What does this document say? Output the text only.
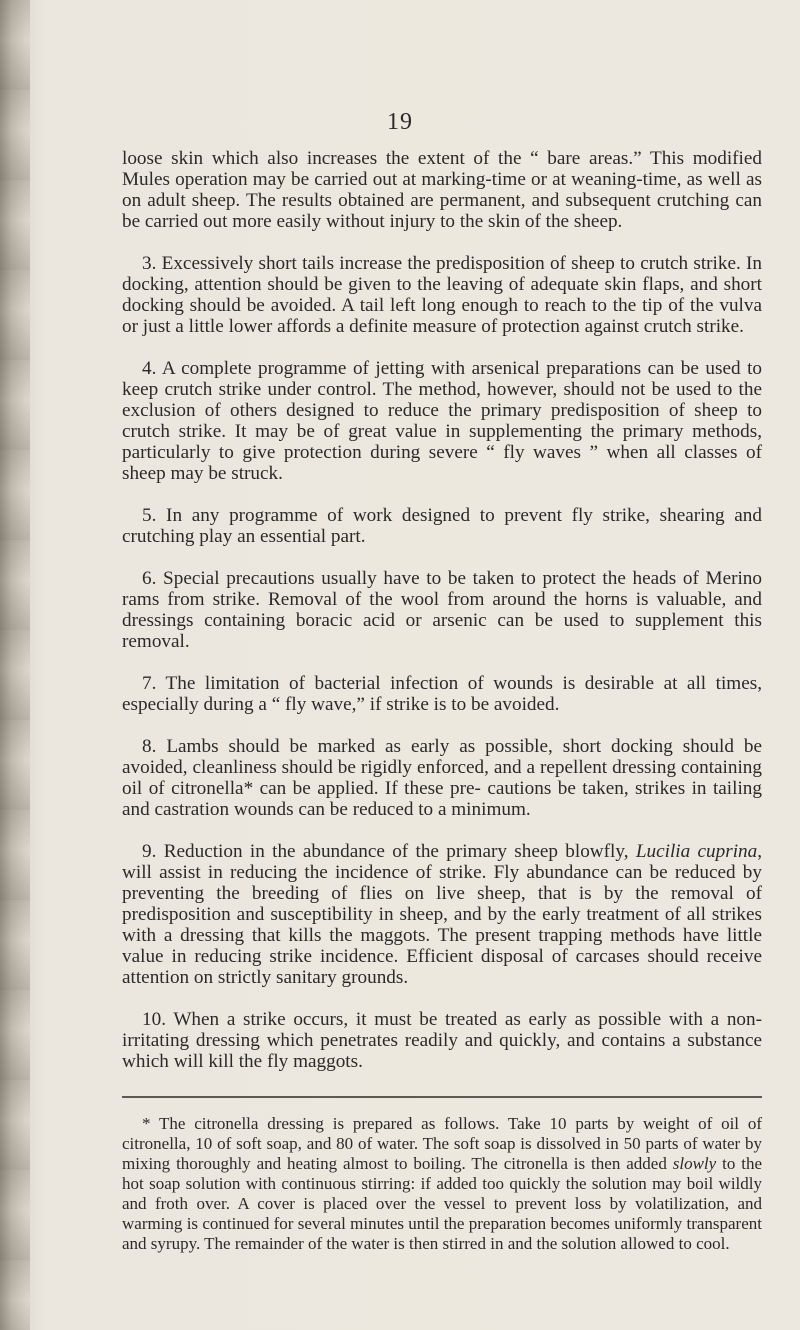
19

loose skin which also increases the extent of the “ bare areas.” This modified Mules operation may be carried out at marking-time or at weaning-time, as well as on adult sheep. The results obtained are permanent, and subsequent crutching can be carried out more easily without injury to the skin of the sheep.

3. Excessively short tails increase the predisposition of sheep to crutch strike. In docking, attention should be given to the leaving of adequate skin flaps, and short docking should be avoided. A tail left long enough to reach to the tip of the vulva or just a little lower affords a definite measure of protection against crutch strike.

4. A complete programme of jetting with arsenical preparations can be used to keep crutch strike under control. The method, however, should not be used to the exclusion of others designed to reduce the primary predisposition of sheep to crutch strike. It may be of great value in supplementing the primary methods, particularly to give protection during severe “ fly waves ” when all classes of sheep may be struck.

5. In any programme of work designed to prevent fly strike, shearing and crutching play an essential part.

6. Special precautions usually have to be taken to protect the heads of Merino rams from strike. Removal of the wool from around the horns is valuable, and dressings containing boracic acid or arsenic can be used to supplement this removal.

7. The limitation of bacterial infection of wounds is desirable at all times, especially during a “ fly wave,” if strike is to be avoided.

8. Lambs should be marked as early as possible, short docking should be avoided, cleanliness should be rigidly enforced, and a repellent dressing containing oil of citronella* can be applied. If these pre- cautions be taken, strikes in tailing and castration wounds can be reduced to a minimum.

9. Reduction in the abundance of the primary sheep blowfly, Lucilia cuprina, will assist in reducing the incidence of strike. Fly abundance can be reduced by preventing the breeding of flies on live sheep, that is by the removal of predisposition and susceptibility in sheep, and by the early treatment of all strikes with a dressing that kills the maggots. The present trapping methods have little value in reducing strike incidence. Efficient disposal of carcases should receive attention on strictly sanitary grounds.

10. When a strike occurs, it must be treated as early as possible with a non-irritating dressing which penetrates readily and quickly, and contains a substance which will kill the fly maggots.

* The citronella dressing is prepared as follows. Take 10 parts by weight of oil of citronella, 10 of soft soap, and 80 of water. The soft soap is dissolved in 50 parts of water by mixing thoroughly and heating almost to boiling. The citronella is then added slowly to the hot soap solution with continuous stirring: if added too quickly the solution may boil wildly and froth over. A cover is placed over the vessel to prevent loss by volatilization, and warming is continued for several minutes until the preparation becomes uniformly transparent and syrupy. The remainder of the water is then stirred in and the solution allowed to cool.
